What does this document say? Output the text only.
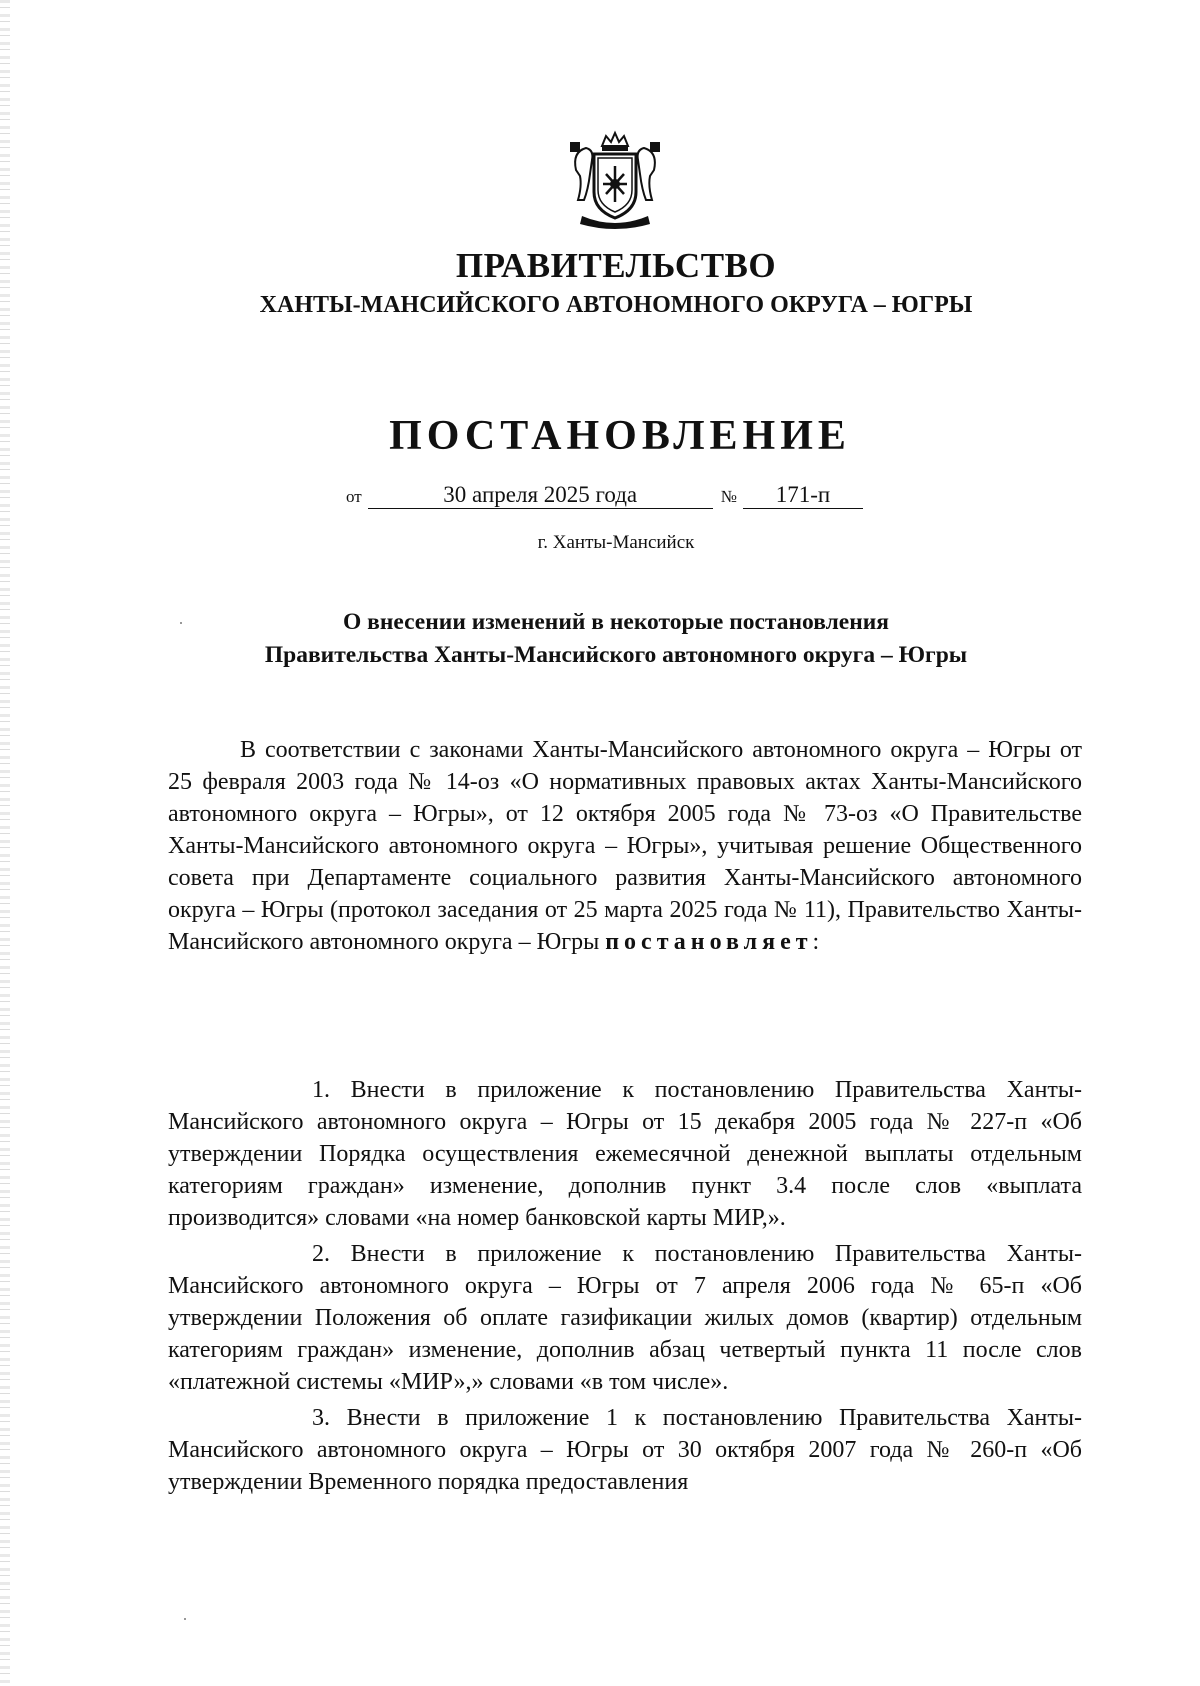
ПРАВИТЕЛЬСТВО
ХАНТЫ-МАНСИЙСКОГО АВТОНОМНОГО ОКРУГА – ЮГРЫ
ПОСТАНОВЛЕНИЕ
от	30 апреля 2025 года	№ 171-п
г. Ханты-Мансийск
О внесении изменений в некоторые постановления
Правительства Ханты-Мансийского автономного округа – Югры

В соответствии с законами Ханты-Мансийского автономного округа – Югры от 25 февраля 2003 года № 14-оз «О нормативных правовых актах Ханты-Мансийского автономного округа – Югры», от 12 октября 2005 года № 73-оз «О Правительстве Ханты-Мансийского автономного округа – Югры», учитывая решение Общественного совета при Департаменте социального развития Ханты-Мансийского автономного округа – Югры (протокол заседания от 25 марта 2025 года № 11), Правительство Ханты-Мансийского автономного округа – Югры постановляет:

1. Внести в приложение к постановлению Правительства Ханты-Мансийского автономного округа – Югры от 15 декабря 2005 года № 227-п «Об утверждении Порядка осуществления ежемесячной денежной выплаты отдельным категориям граждан» изменение, дополнив пункт 3.4 после слов «выплата производится» словами «на номер банковской карты МИР,».

2. Внести в приложение к постановлению Правительства Ханты-Мансийского автономного округа – Югры от 7 апреля 2006 года № 65-п «Об утверждении Положения об оплате газификации жилых домов (квартир) отдельным категориям граждан» изменение, дополнив абзац четвертый пункта 11 после слов «платежной системы «МИР»,» словами «в том числе».

3. Внести в приложение 1 к постановлению Правительства Ханты-Мансийского автономного округа – Югры от 30 октября 2007 года № 260-п «Об утверждении Временного порядка предоставления
